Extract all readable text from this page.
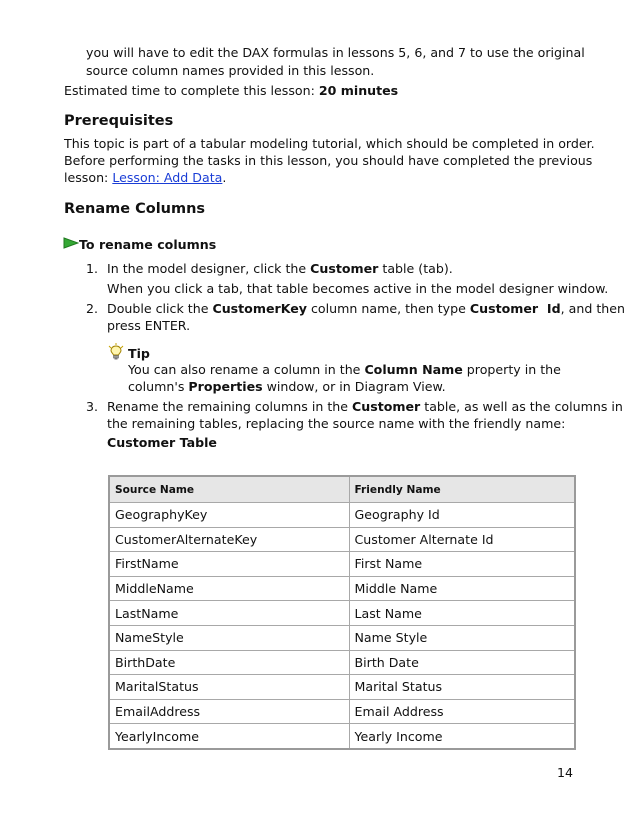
you will have to edit the DAX formulas in lessons 5, 6, and 7 to use the original
source column names provided in this lesson.
Estimated time to complete this lesson: 20 minutes
Prerequisites
This topic is part of a tabular modeling tutorial, which should be completed in order.
Before performing the tasks in this lesson, you should have completed the previous
lesson: Lesson: Add Data.
Rename Columns
To rename columns
1. In the model designer, click the Customer table (tab).
When you click a tab, that table becomes active in the model designer window.
2. Double click the CustomerKey column name, then type Customer  Id, and then
press ENTER.
Tip
You can also rename a column in the Column Name property in the
column's Properties window, or in Diagram View.
3. Rename the remaining columns in the Customer table, as well as the columns in
the remaining tables, replacing the source name with the friendly name:
Customer Table
Source Name	Friendly Name
GeographyKey	Geography Id
CustomerAlternateKey	Customer Alternate Id
FirstName	First Name
MiddleName	Middle Name
LastName	Last Name
NameStyle	Name Style
BirthDate	Birth Date
MaritalStatus	Marital Status
EmailAddress	Email Address
YearlyIncome	Yearly Income
14
